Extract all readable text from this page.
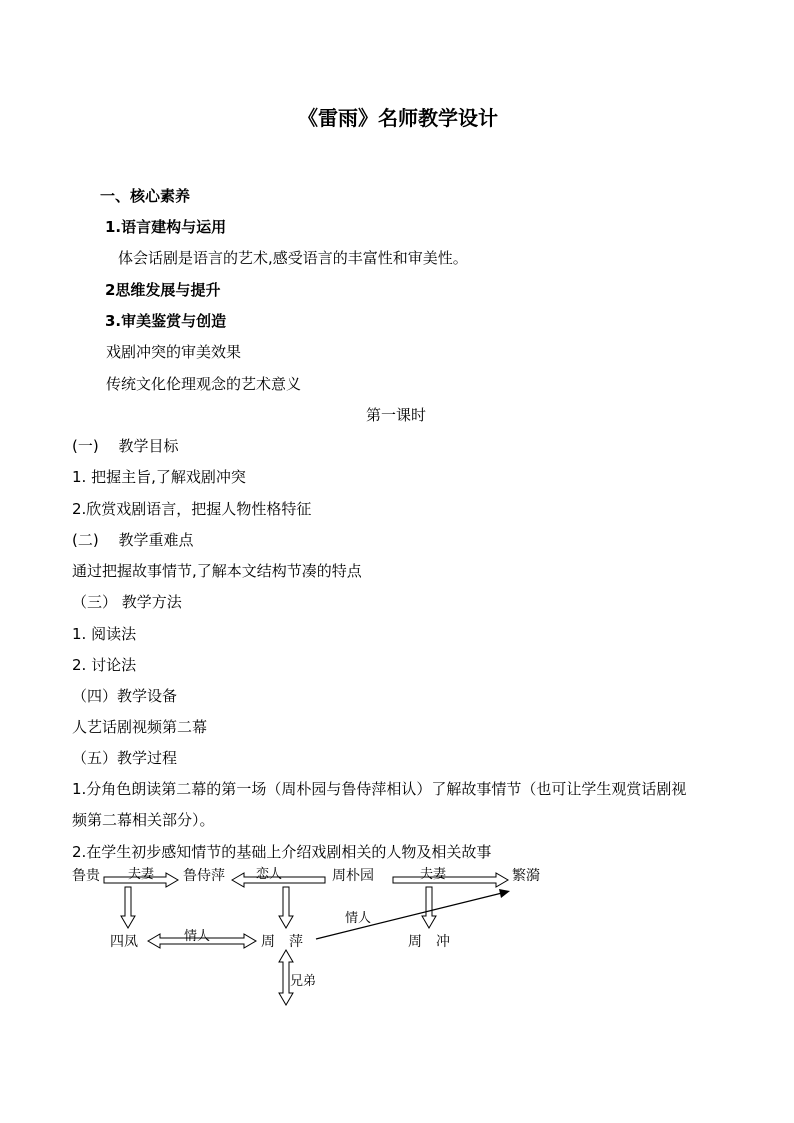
《雷雨》名师教学设计
一、核心素养
1.语言建构与运用
体会话剧是语言的艺术,感受语言的丰富性和审美性。
2思维发展与提升
3.审美鉴赏与创造
戏剧冲突的审美效果
传统文化伦理观念的艺术意义
第一课时
(一)　 教学目标
1. 把握主旨,了解戏剧冲突
2.欣赏戏剧语言，把握人物性格特征
(二)　 教学重难点
通过把握故事情节,了解本文结构节凑的特点
（三） 教学方法
1. 阅读法
2. 讨论法
（四）教学设备
人艺话剧视频第二幕
（五）教学过程
1.分角色朗读第二幕的第一场（周朴园与鲁侍萍相认）了解故事情节（也可让学生观赏话剧视
频第二幕相关部分）。
2.在学生初步感知情节的基础上介绍戏剧相关的人物及相关故事
鲁贵	鲁侍萍	周朴园	繁漪
夫妻	恋人	夫妻
四凤	周　萍	周　冲
情人
情人
兄弟
